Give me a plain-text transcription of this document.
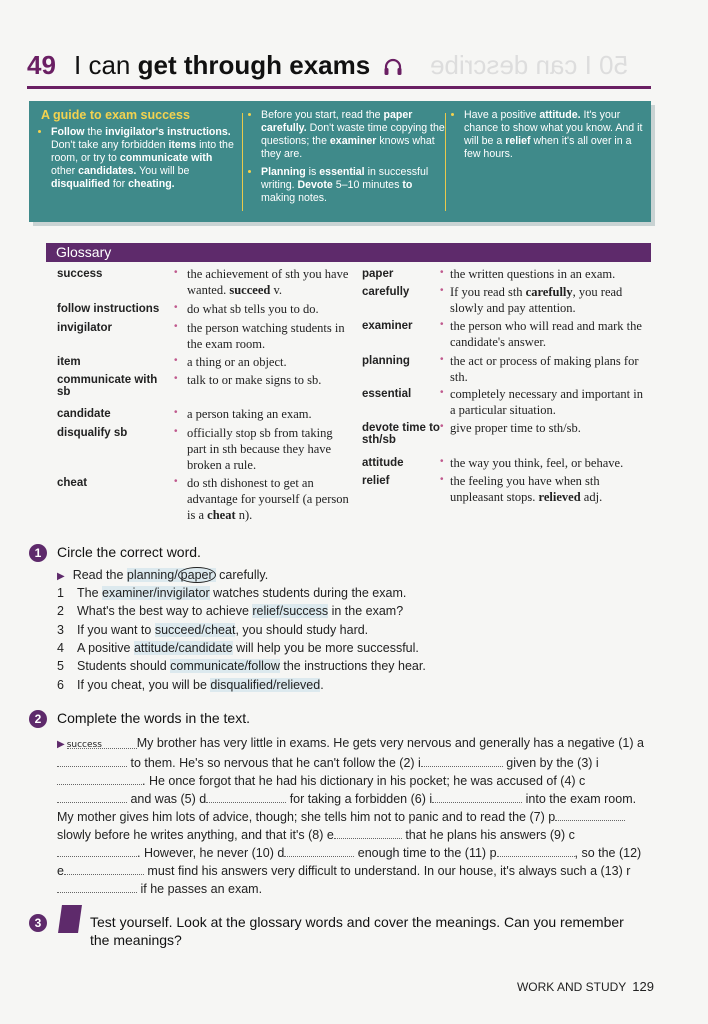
50 I can describe
49 I can get through exams
A guide to exam success
• Follow the invigilator's instructions. Don't take any forbidden items into the room, or try to communicate with other candidates. You will be disqualified for cheating.
• Before you start, read the paper carefully. Don't waste time copying the questions; the examiner knows what they are.
• Planning is essential in successful writing. Devote 5–10 minutes to making notes.
• Have a positive attitude. It's your chance to show what you know. And it will be a relief when it's all over in a few hours.
Glossary
success	• the achievement of sth you have wanted. succeed v.
follow instructions	• do what sb tells you to do.
invigilator	• the person watching students in the exam room.
item	• a thing or an object.
communicate with sb
• talk to or make signs to sb.
candidate	• a person taking an exam.
disqualify sb	• officially stop sb from taking part in sth because they have broken a rule.
cheat	• do sth dishonest to get an advantage for yourself (a person is a cheat n).
paper	• the written questions in an exam.
carefully	• If you read sth carefully, you read slowly and pay attention.
examiner	• the person who will read and mark the candidate's answer.
planning	• the act or process of making plans for sth.
essential	• completely necessary and important in a particular situation.
devote time to sth/sb
• give proper time to sth/sb.
attitude	• the way you think, feel, or behave.
relief	• the feeling you have when sth unpleasant stops. relieved adj.
1	Circle the correct word.
▶ Read the planning/ paper carefully.
1 The examiner/invigilator watches students during the exam.
2 What's the best way to achieve relief/success in the exam?
3 If you want to succeed/cheat, you should study hard.
4 A positive attitude/candidate will help you be more successful.
5 Students should communicate/follow the instructions they hear.
6 If you cheat, you will be disqualified/relieved.
2	Complete the words in the text.
▶ success	My brother has very little in exams. He gets very nervous and generally has a negative (1) a to them. He's so nervous that he can't follow the (2) i	given by the (3) i. He once forgot that he had his dictionary in his pocket; he was accused of (4) c and was (5) d	for taking a forbidden (6) i	into the exam room. My mother gives him lots of advice, though; she tells him not to panic and to read the (7) p slowly before he writes anything, and that it's (8) e	that he plans his answers (9) c. However, he never (10) d	enough time to the (11) p	, so the (12) e	must find his answers very difficult to understand. In our house, it's always such a (13) r if he passes an exam.
3	Test yourself. Look at the glossary words and cover the meanings. Can you remember the meanings?
WORK AND STUDY 129
